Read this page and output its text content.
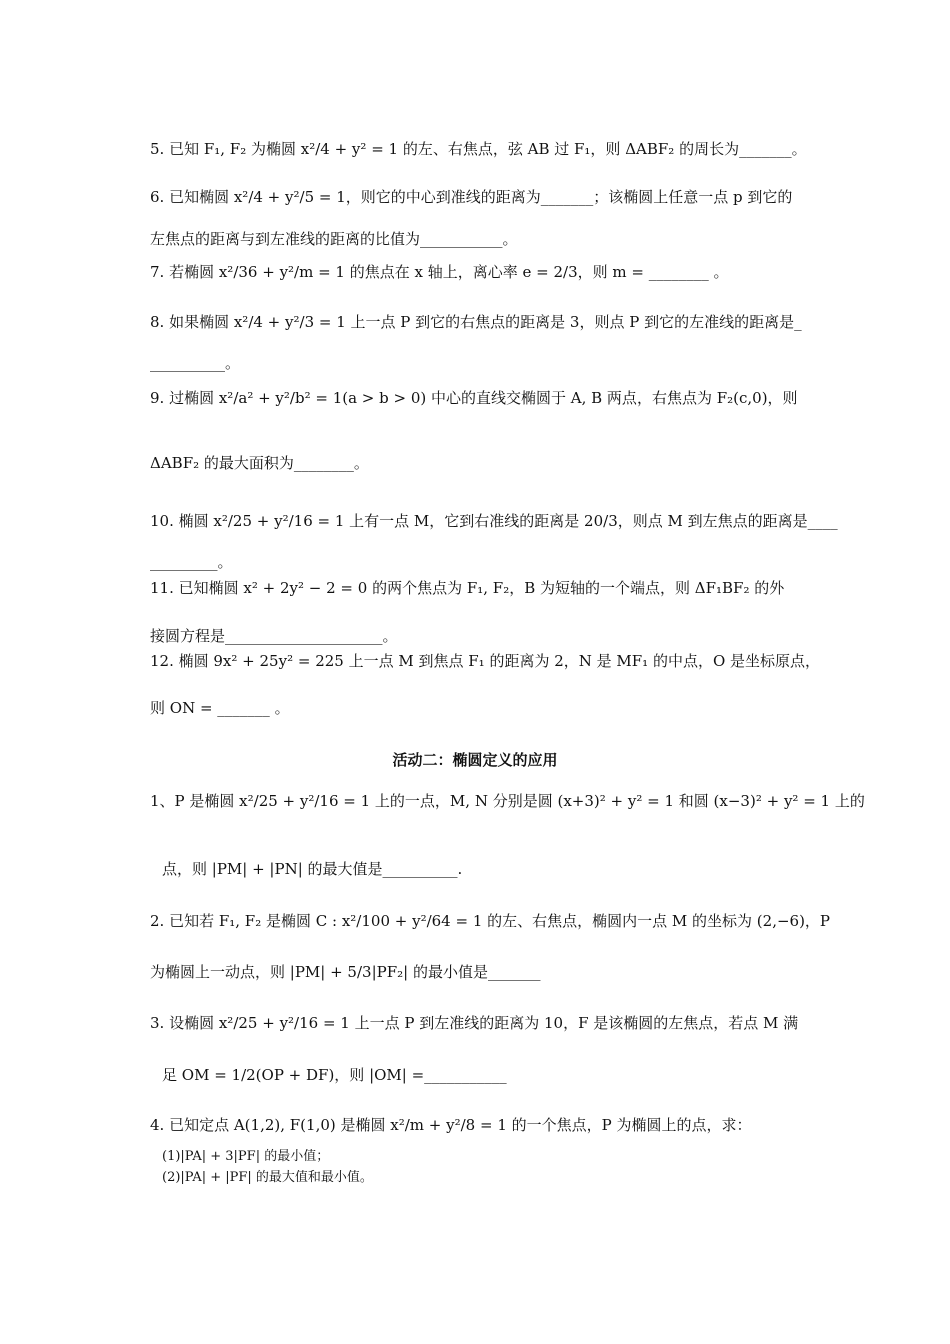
5. 已知 F₁, F₂ 为椭圆 x²/4 + y² = 1 的左、右焦点，弦 AB 过 F₁，则 ΔABF₂ 的周长为_______。
6. 已知椭圆 x²/4 + y²/5 = 1，则它的中心到准线的距离为_______；该椭圆上任意一点 p 到它的
左焦点的距离与到左准线的距离的比值为___________。
7. 若椭圆 x²/36 + y²/m = 1 的焦点在 x 轴上，离心率 e = 2/3，则 m = ________ 。
8. 如果椭圆 x²/4 + y²/3 = 1 上一点 P 到它的右焦点的距离是 3，则点 P 到它的左准线的距离是_
__________。
9. 过椭圆 x²/a² + y²/b² = 1(a > b > 0) 中心的直线交椭圆于 A, B 两点，右焦点为 F₂(c,0)，则
ΔABF₂ 的最大面积为________。
10. 椭圆 x²/25 + y²/16 = 1 上有一点 M，它到右准线的距离是 20/3，则点 M 到左焦点的距离是____
_________。
11. 已知椭圆 x² + 2y² − 2 = 0 的两个焦点为 F₁, F₂，B 为短轴的一个端点，则 ΔF₁BF₂ 的外
接圆方程是_____________________。
12. 椭圆 9x² + 25y² = 225 上一点 M 到焦点 F₁ 的距离为 2，N 是 MF₁ 的中点，O 是坐标原点，
则 ON = _______ 。
活动二：椭圆定义的应用
1、P 是椭圆 x²/25 + y²/16 = 1 上的一点，M, N 分别是圆 (x+3)² + y² = 1 和圆 (x−3)² + y² = 1 上的
点，则 |PM| + |PN| 的最大值是__________.
2. 已知若 F₁, F₂ 是椭圆 C : x²/100 + y²/64 = 1 的左、右焦点，椭圆内一点 M 的坐标为 (2,−6)，P
为椭圆上一动点，则 |PM| + 5/3|PF₂| 的最小值是_______
3. 设椭圆 x²/25 + y²/16 = 1 上一点 P 到左准线的距离为 10，F 是该椭圆的左焦点，若点 M 满
足 OM = 1/2(OP + DF)，则 |OM| =___________
4. 已知定点 A(1,2), F(1,0) 是椭圆 x²/m + y²/8 = 1 的一个焦点，P 为椭圆上的点，求：
(1)|PA| + 3|PF| 的最小值；
(2)|PA| + |PF| 的最大值和最小值。
